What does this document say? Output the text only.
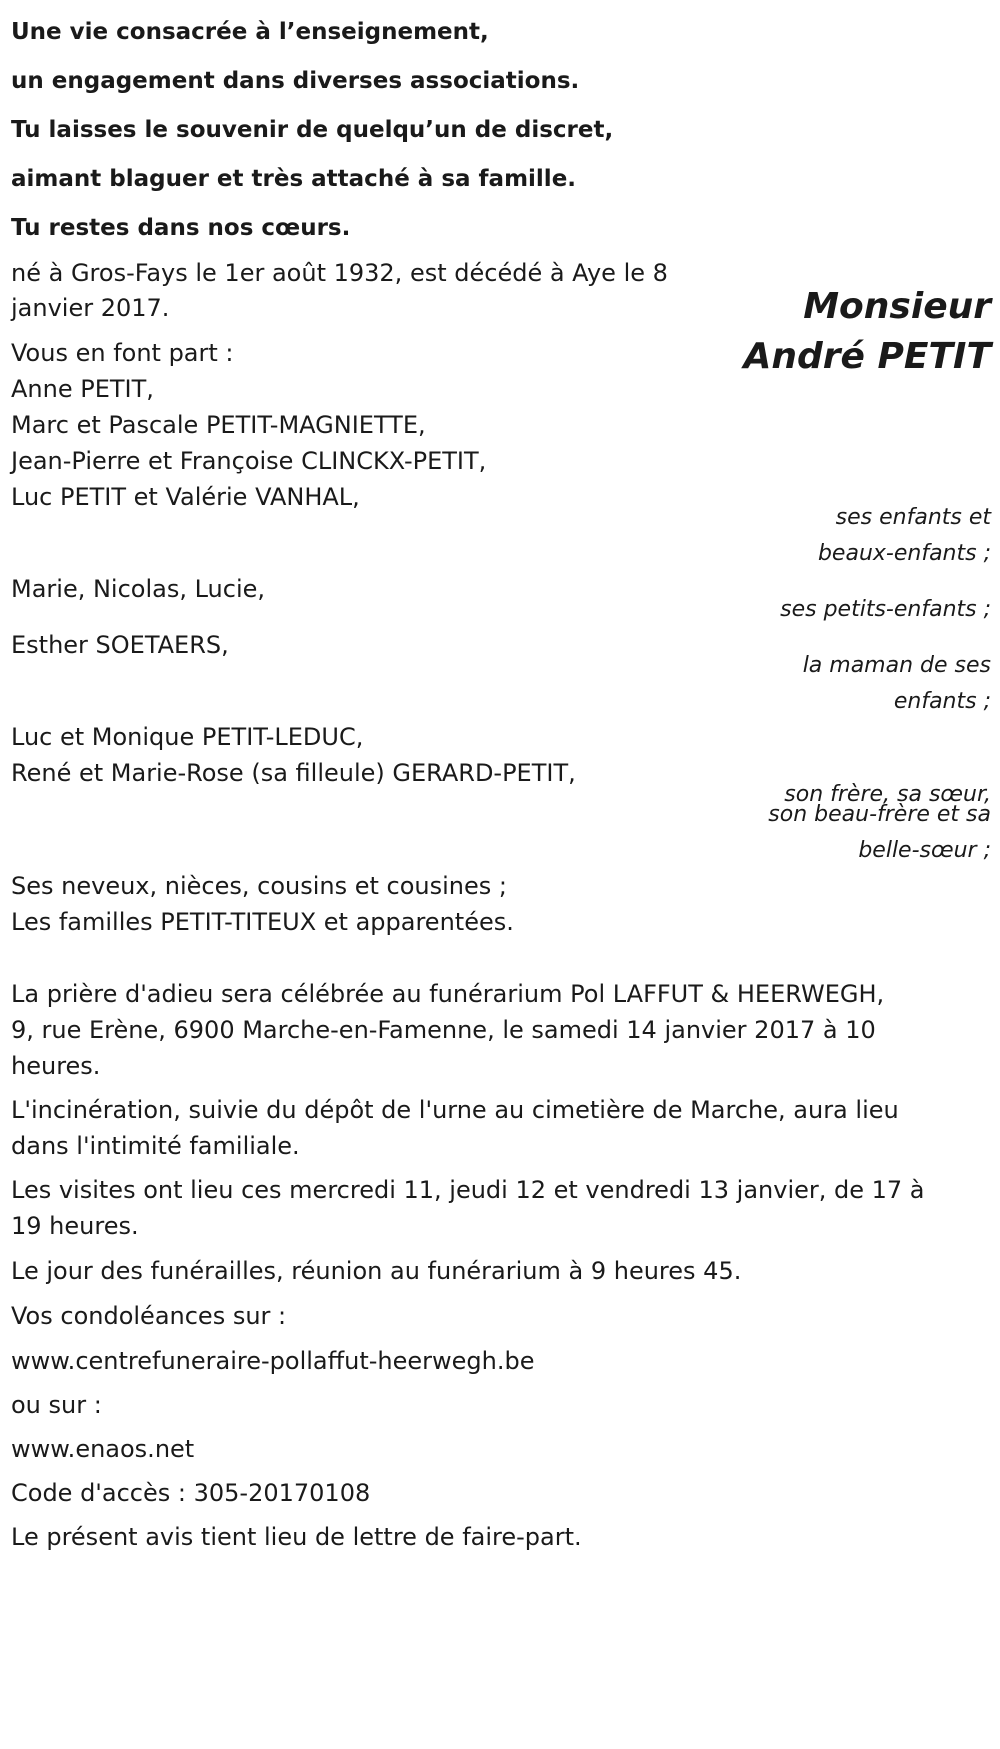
Une vie consacrée à l’enseignement,
un engagement dans diverses associations.
Tu laisses le souvenir de quelqu’un de discret,
aimant blaguer et très attaché à sa famille.
Tu restes dans nos cœurs.
Monsieur
André PETIT
né à Gros-Fays le 1er août 1932, est décédé à Aye le 8
janvier 2017.
Vous en font part :
Anne PETIT,
Marc et Pascale PETIT-MAGNIETTE,
Jean-Pierre et Françoise CLINCKX-PETIT,
Luc PETIT et Valérie VANHAL,
ses enfants et
beaux-enfants ;
Marie, Nicolas, Lucie,
ses petits-enfants ;
Esther SOETAERS,
la maman de ses
enfants ;
Luc et Monique PETIT-LEDUC,
René et Marie-Rose (sa filleule) GERARD-PETIT,
son frère, sa sœur,
son beau-frère et sa
belle-sœur ;
Ses neveux, nièces, cousins et cousines ;
Les familles PETIT-TITEUX et apparentées.
La prière d'adieu sera célébrée au funérarium Pol LAFFUT & HEERWEGH,
9, rue Erène, 6900 Marche-en-Famenne, le samedi 14 janvier 2017 à 10
heures.
L'incinération, suivie du dépôt de l'urne au cimetière de Marche, aura lieu
dans l'intimité familiale.
Les visites ont lieu ces mercredi 11, jeudi 12 et vendredi 13 janvier, de 17 à
19 heures.
Le jour des funérailles, réunion au funérarium à 9 heures 45.
Vos condoléances sur :
www.centrefuneraire-pollaffut-heerwegh.be
ou sur :
www.enaos.net
Code d'accès : 305-20170108
Le présent avis tient lieu de lettre de faire-part.
